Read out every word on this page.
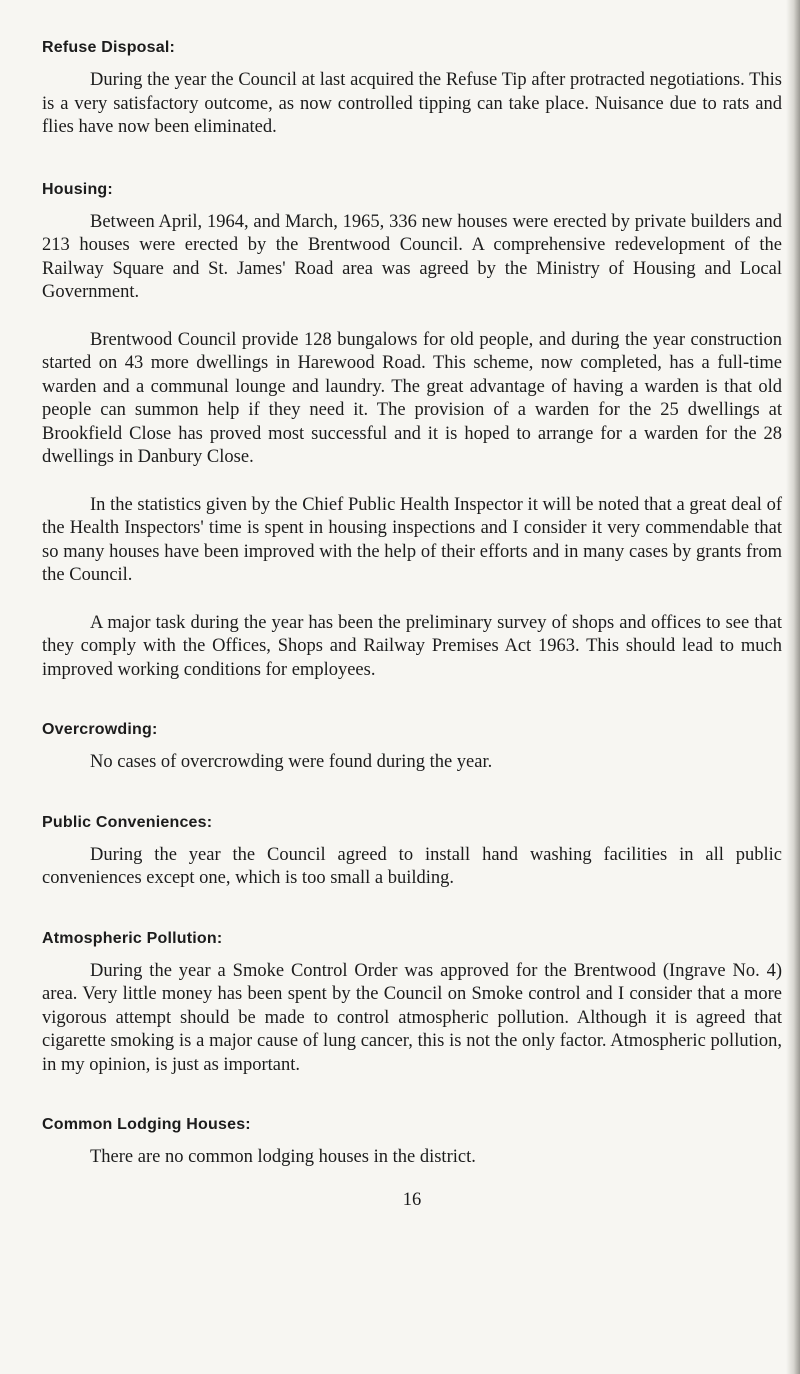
Refuse Disposal:

During the year the Council at last acquired the Refuse Tip after protracted negotiations. This is a very satisfactory outcome, as now controlled tipping can take place. Nuisance due to rats and flies have now been eliminated.

Housing:

Between April, 1964, and March, 1965, 336 new houses were erected by private builders and 213 houses were erected by the Brentwood Council. A comprehensive redevelopment of the Railway Square and St. James' Road area was agreed by the Ministry of Housing and Local Government.

Brentwood Council provide 128 bungalows for old people, and during the year construction started on 43 more dwellings in Harewood Road. This scheme, now completed, has a full-time warden and a communal lounge and laundry. The great advantage of having a warden is that old people can summon help if they need it. The provision of a warden for the 25 dwellings at Brookfield Close has proved most successful and it is hoped to arrange for a warden for the 28 dwellings in Danbury Close.

In the statistics given by the Chief Public Health Inspector it will be noted that a great deal of the Health Inspectors' time is spent in housing inspections and I consider it very commendable that so many houses have been improved with the help of their efforts and in many cases by grants from the Council.

A major task during the year has been the preliminary survey of shops and offices to see that they comply with the Offices, Shops and Railway Premises Act 1963. This should lead to much improved working conditions for employees.

Overcrowding:

No cases of overcrowding were found during the year.

Public Conveniences:

During the year the Council agreed to install hand washing facilities in all public conveniences except one, which is too small a building.

Atmospheric Pollution:

During the year a Smoke Control Order was approved for the Brentwood (Ingrave No. 4) area. Very little money has been spent by the Council on Smoke control and I consider that a more vigorous attempt should be made to control atmospheric pollution. Although it is agreed that cigarette smoking is a major cause of lung cancer, this is not the only factor. Atmospheric pollution, in my opinion, is just as important.

Common Lodging Houses:

There are no common lodging houses in the district.

16
